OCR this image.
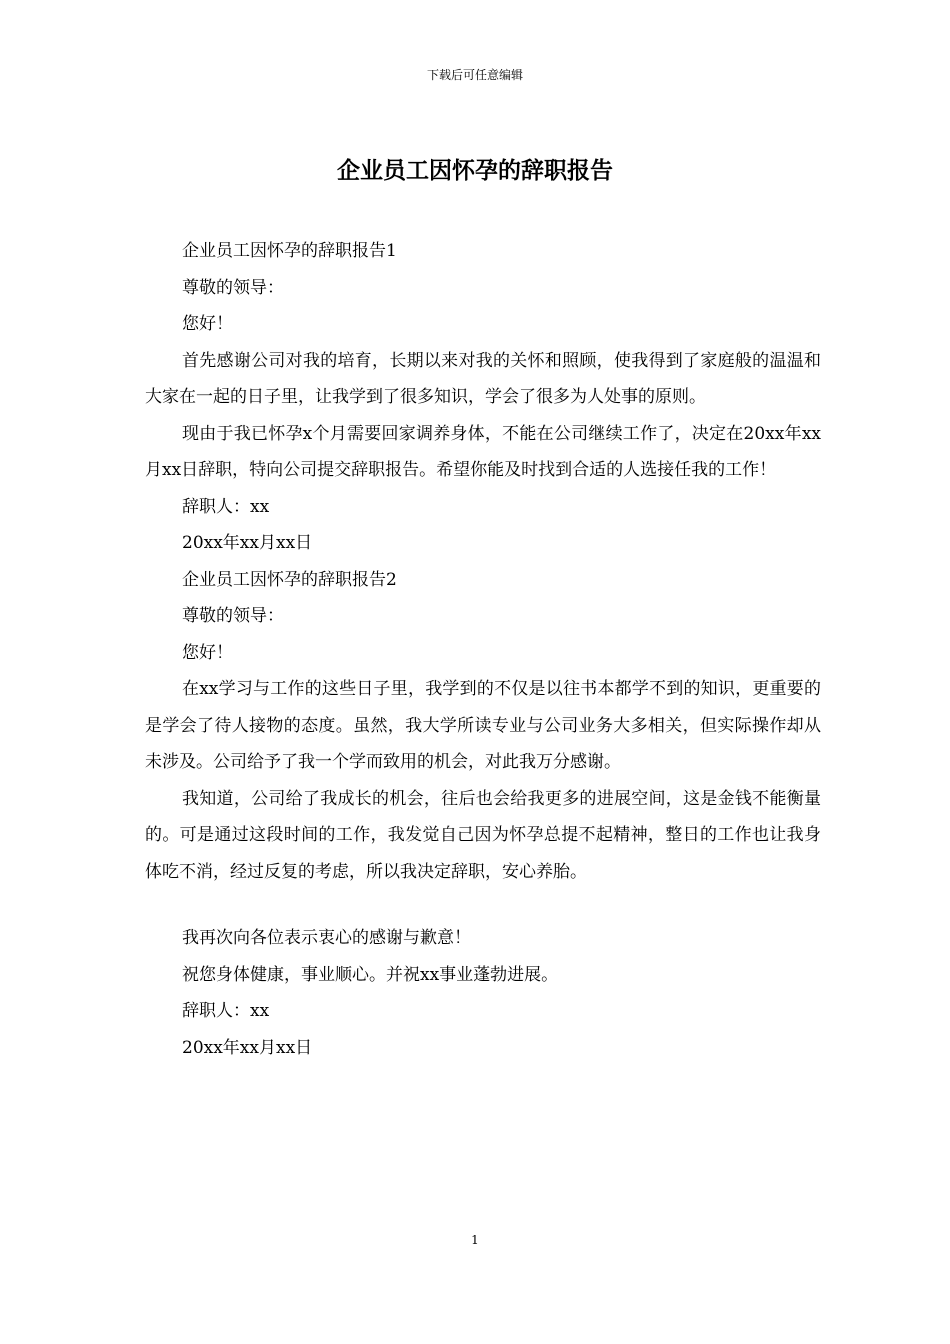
下载后可任意编辑
企业员工因怀孕的辞职报告

企业员工因怀孕的辞职报告1

尊敬的领导：

您好！

首先感谢公司对我的培育，长期以来对我的关怀和照顾，使我得到了家庭般的温温和大家在一起的日子里，让我学到了很多知识，学会了很多为人处事的原则。

现由于我已怀孕x个月需要回家调养身体，不能在公司继续工作了，决定在20xx年xx月xx日辞职，特向公司提交辞职报告。希望你能及时找到合适的人选接任我的工作！

辞职人：xx

20xx年xx月xx日

企业员工因怀孕的辞职报告2

尊敬的领导：

您好！

在xx学习与工作的这些日子里，我学到的不仅是以往书本都学不到的知识，更重要的是学会了待人接物的态度。虽然，我大学所读专业与公司业务大多相关，但实际操作却从未涉及。公司给予了我一个学而致用的机会，对此我万分感谢。

我知道，公司给了我成长的机会，往后也会给我更多的进展空间，这是金钱不能衡量的。可是通过这段时间的工作，我发觉自己因为怀孕总提不起精神，整日的工作也让我身体吃不消，经过反复的考虑，所以我决定辞职，安心养胎。

我再次向各位表示衷心的感谢与歉意！

祝您身体健康，事业顺心。并祝xx事业蓬勃进展。

辞职人：xx

20xx年xx月xx日

1
